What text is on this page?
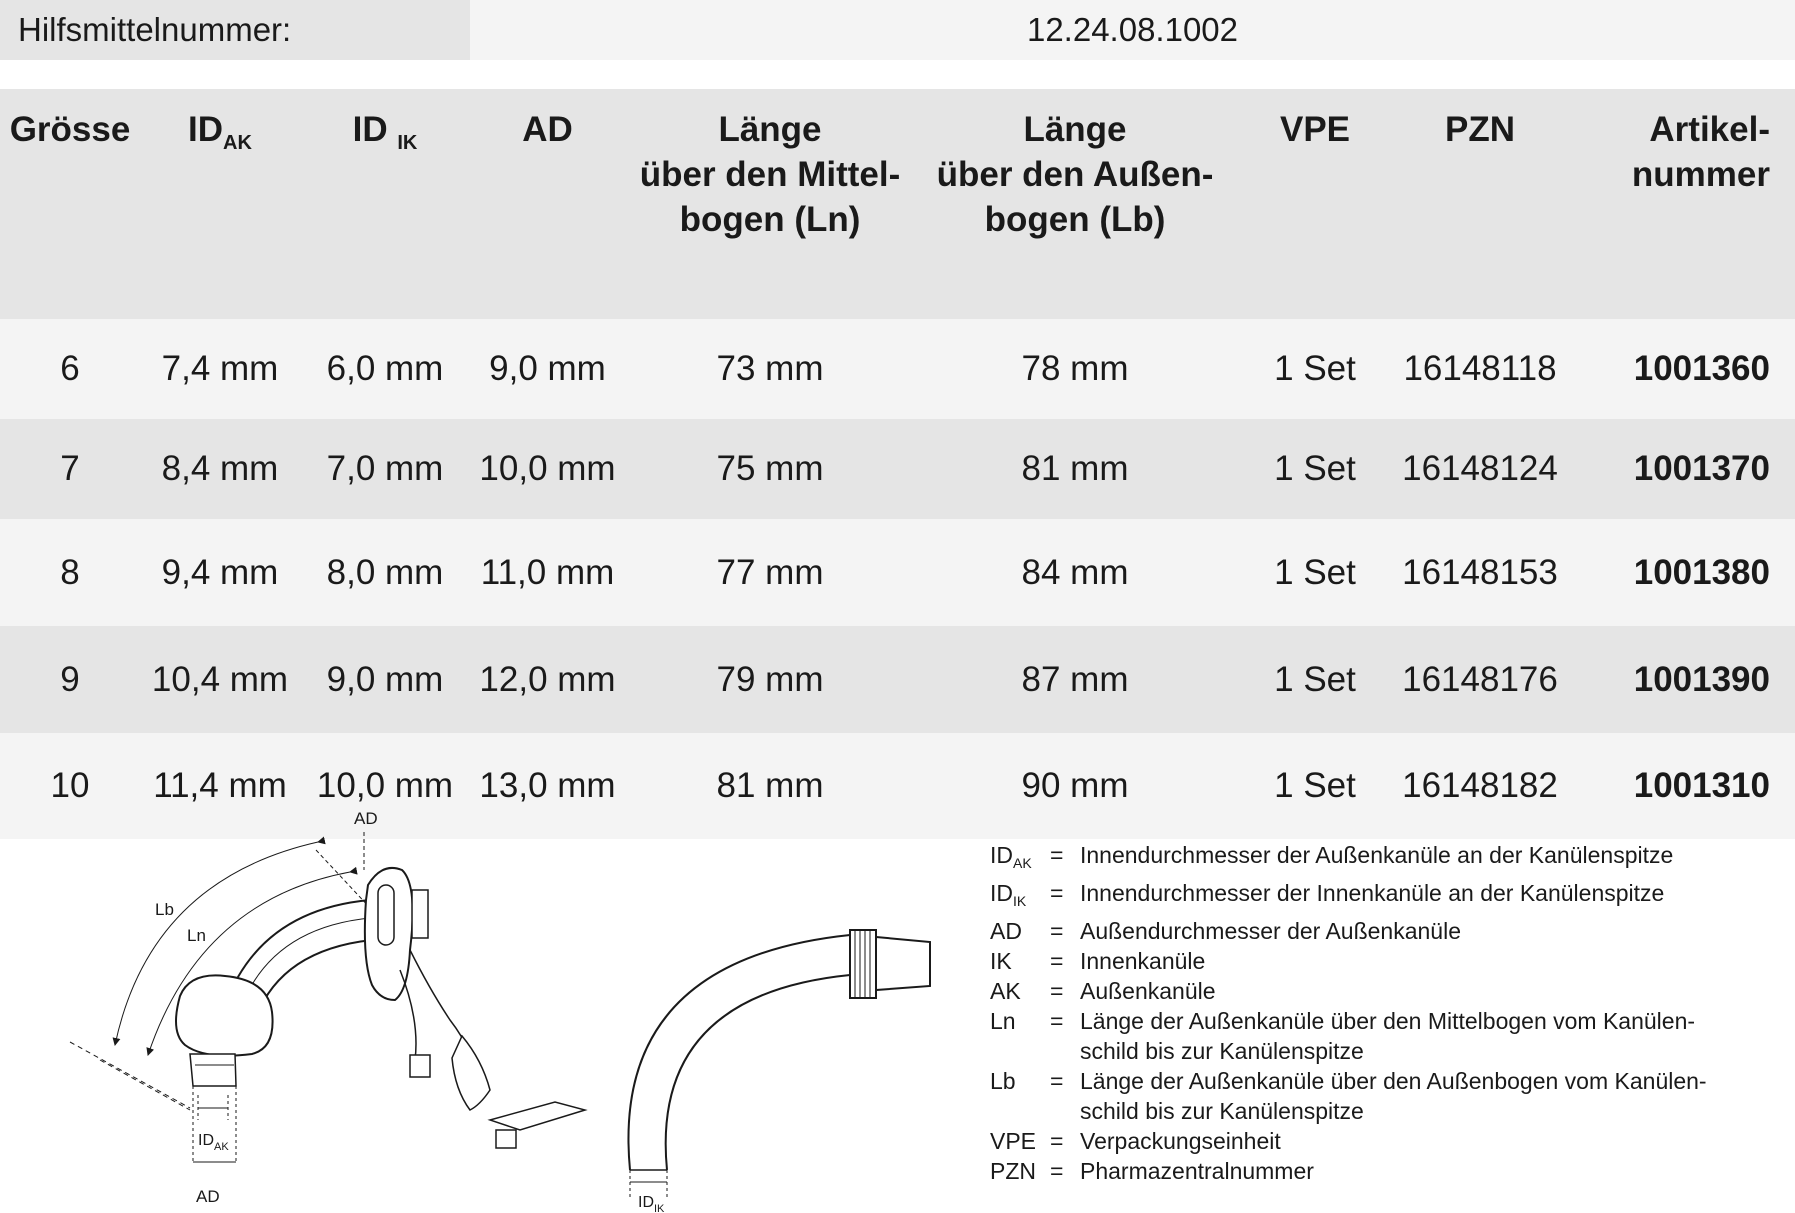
Hilfsmittelnummer:	12.24.08.1002
Grösse	$ID_{AK}$	ID $_{IK}$	AD	Länge
über den Mittel-
bogen (Ln)	Länge
über den Außen-
bogen (Lb)	VPE	PZN	Artikel-
nummer
6	7,4 mm	6,0 mm	9,0 mm	73 mm	78 mm	1 Set	16148118	1001360
7	8,4 mm	7,0 mm	10,0 mm	75 mm	81 mm	1 Set	16148124	1001370
8	9,4 mm	8,0 mm	11,0 mm	77 mm	84 mm	1 Set	16148153	1001380
9	10,4 mm	9,0 mm	12,0 mm	79 mm	87 mm	1 Set	16148176	1001390
10	11,4 mm	10,0 mm	13,0 mm	81 mm	90 mm	1 Set	16148182	1001310
AD
Lb
Ln
$ID_{AK}$
AD	$ID_{IK}$
$ID_{AK}$ = Innendurchmesser der Außenkanüle an der Kanülenspitze
$ID_{IK}$	= Innendurchmesser der Innenkanüle an der Kanülenspitze
AD	= Außendurchmesser der Außenkanüle
IK	= Innenkanüle
AK	= Außenkanüle
Ln	= Länge der Außenkanüle über den Mittelbogen vom Kanülen-
schild bis zur Kanülenspitze
Lb	= Länge der Außenkanüle über den Außenbogen vom Kanülen-
schild bis zur Kanülenspitze
VPE = Verpackungseinheit
PZN = Pharmazentralnummer
